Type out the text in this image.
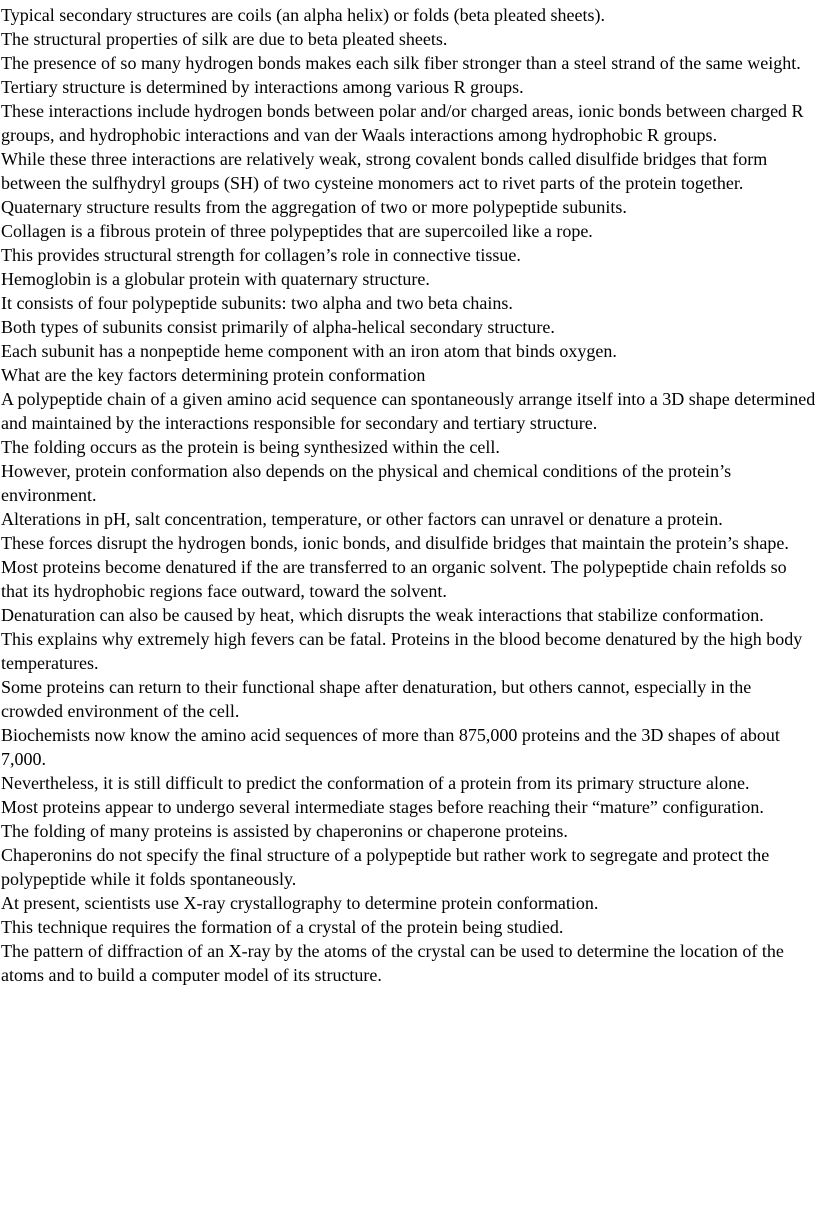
Typical secondary structures are coils (an alpha helix) or folds (beta pleated sheets).

The structural properties of silk are due to beta pleated sheets.

The presence of so many hydrogen bonds makes each silk fiber stronger than a steel strand of the same weight.

Tertiary structure is determined by interactions among various R groups.

These interactions include hydrogen bonds between polar and/or charged areas, ionic bonds between charged R groups, and hydrophobic interactions and van der Waals interactions among hydrophobic R groups.

While these three interactions are relatively weak, strong covalent bonds called disulfide bridges that form between the sulfhydryl groups (SH) of two cysteine monomers act to rivet parts of the protein together.

Quaternary structure results from the aggregation of two or more polypeptide subunits.

Collagen is a fibrous protein of three polypeptides that are supercoiled like a rope.

This provides structural strength for collagen’s role in connective tissue.

Hemoglobin is a globular protein with quaternary structure.

It consists of four polypeptide subunits: two alpha and two beta chains.

Both types of subunits consist primarily of alpha-helical secondary structure.

Each subunit has a nonpeptide heme component with an iron atom that binds oxygen.

What are the key factors determining protein conformation

A polypeptide chain of a given amino acid sequence can spontaneously arrange itself into a 3D shape determined and maintained by the interactions responsible for secondary and tertiary structure.

The folding occurs as the protein is being synthesized within the cell.

However, protein conformation also depends on the physical and chemical conditions of the protein’s environment.

Alterations in pH, salt concentration, temperature, or other factors can unravel or denature a protein.

These forces disrupt the hydrogen bonds, ionic bonds, and disulfide bridges that maintain the protein’s shape.

Most proteins become denatured if the are transferred to an organic solvent. The polypeptide chain refolds so that its hydrophobic regions face outward, toward the solvent.

Denaturation can also be caused by heat, which disrupts the weak interactions that stabilize conformation.

This explains why extremely high fevers can be fatal. Proteins in the blood become denatured by the high body temperatures.

Some proteins can return to their functional shape after denaturation, but others cannot, especially in the crowded environment of the cell.

Biochemists now know the amino acid sequences of more than 875,000 proteins and the 3D shapes of about 7,000.

Nevertheless, it is still difficult to predict the conformation of a protein from its primary structure alone.

Most proteins appear to undergo several intermediate stages before reaching their “mature” configuration.

The folding of many proteins is assisted by chaperonins or chaperone proteins.

Chaperonins do not specify the final structure of a polypeptide but rather work to segregate and protect the polypeptide while it folds spontaneously.

At present, scientists use X-ray crystallography to determine protein conformation.

This technique requires the formation of a crystal of the protein being studied.

The pattern of diffraction of an X-ray by the atoms of the crystal can be used to determine the location of the atoms and to build a computer model of its structure.
